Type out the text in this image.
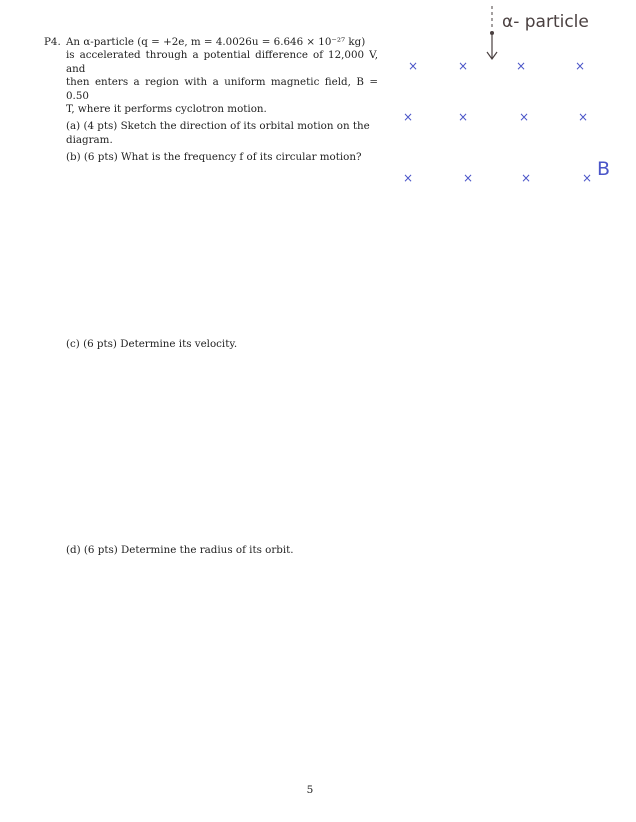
P4. An α-particle (q = +2e, m = 4.0026u = 6.646 × 10⁻²⁷ kg)
is accelerated through a potential difference of 12,000 V, and
then enters a region with a uniform magnetic field, B = 0.50
T, where it performs cyclotron motion.
(a) (4 pts) Sketch the direction of its orbital motion on the
diagram.
(b) (6 pts) What is the frequency f of its circular motion?
(c) (6 pts) Determine its velocity.
(d) (6 pts) Determine the radius of its orbit.
×	×	×	×
×	×	×	×
×	×	×	×
α- particle
B
5
